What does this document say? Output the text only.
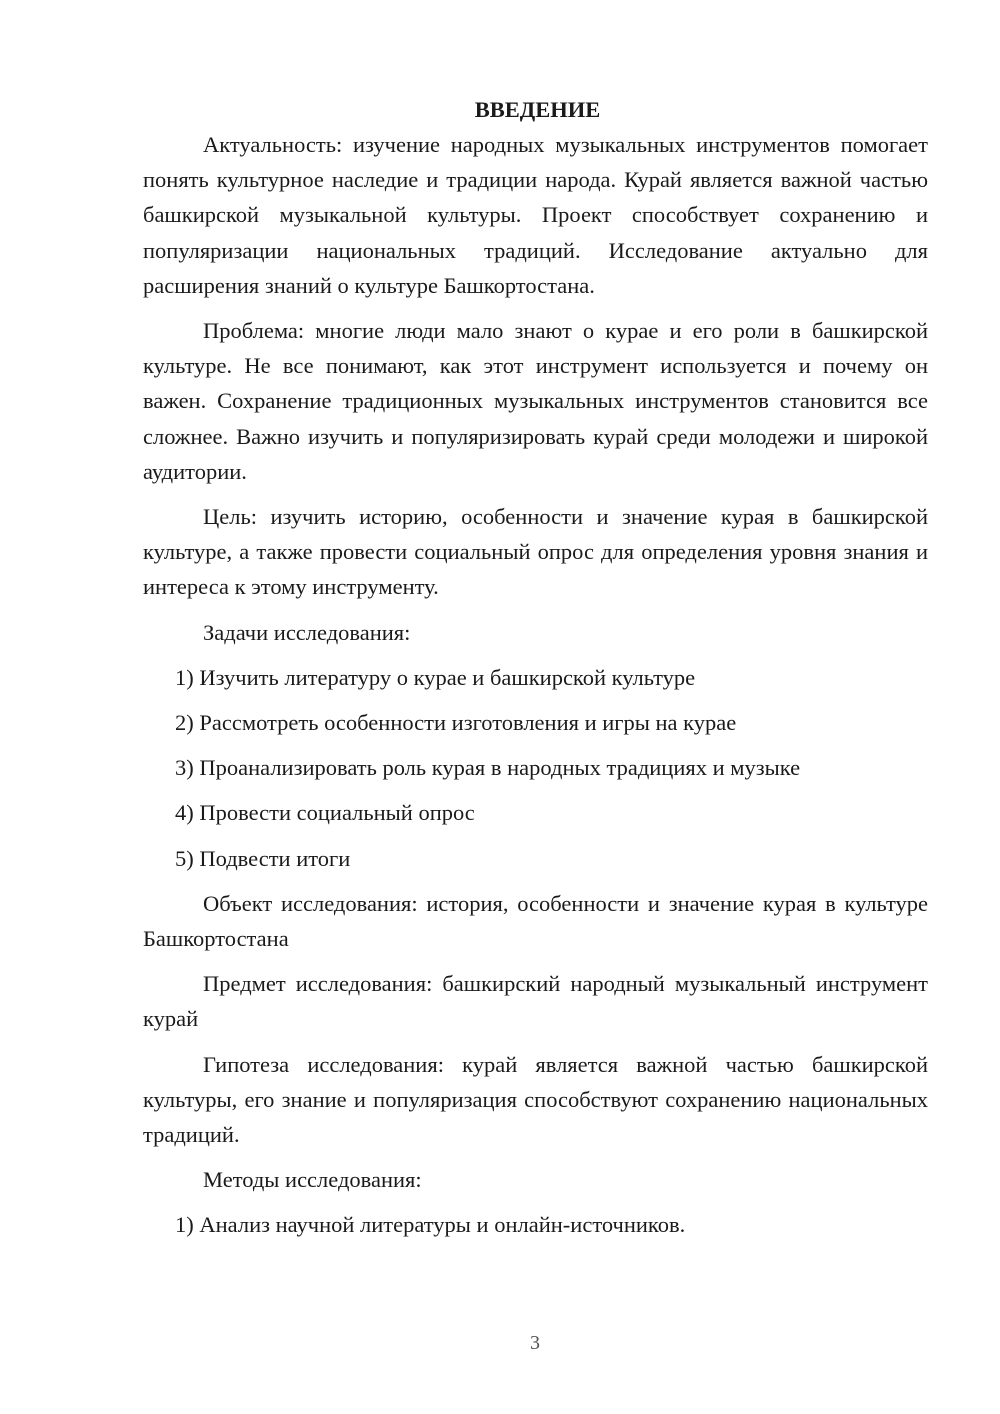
ВВЕДЕНИЕ

Актуальность: изучение народных музыкальных инструментов помогает понять культурное наследие и традиции народа. Курай является важной частью башкирской музыкальной культуры. Проект способствует сохранению и популяризации национальных традиций. Исследование актуально для расширения знаний о культуре Башкортостана.

Проблема: многие люди мало знают о курае и его роли в башкирской культуре. Не все понимают, как этот инструмент используется и почему он важен. Сохранение традиционных музыкальных инструментов становится все сложнее. Важно изучить и популяризировать курай среди молодежи и широкой аудитории.

Цель: изучить историю, особенности и значение курая в башкирской культуре, а также провести социальный опрос для определения уровня знания и интереса к этому инструменту.

Задачи исследования:

1) Изучить литературу о курае и башкирской культуре

2) Рассмотреть особенности изготовления и игры на курае

3) Проанализировать роль курая в народных традициях и музыке

4) Провести социальный опрос

5) Подвести итоги

Объект исследования: история, особенности и значение курая в культуре Башкортостана

Предмет исследования: башкирский народный музыкальный инструмент курай

Гипотеза исследования: курай является важной частью башкирской культуры, его знание и популяризация способствуют сохранению национальных традиций.

Методы исследования:

1) Анализ научной литературы и онлайн-источников.

3
